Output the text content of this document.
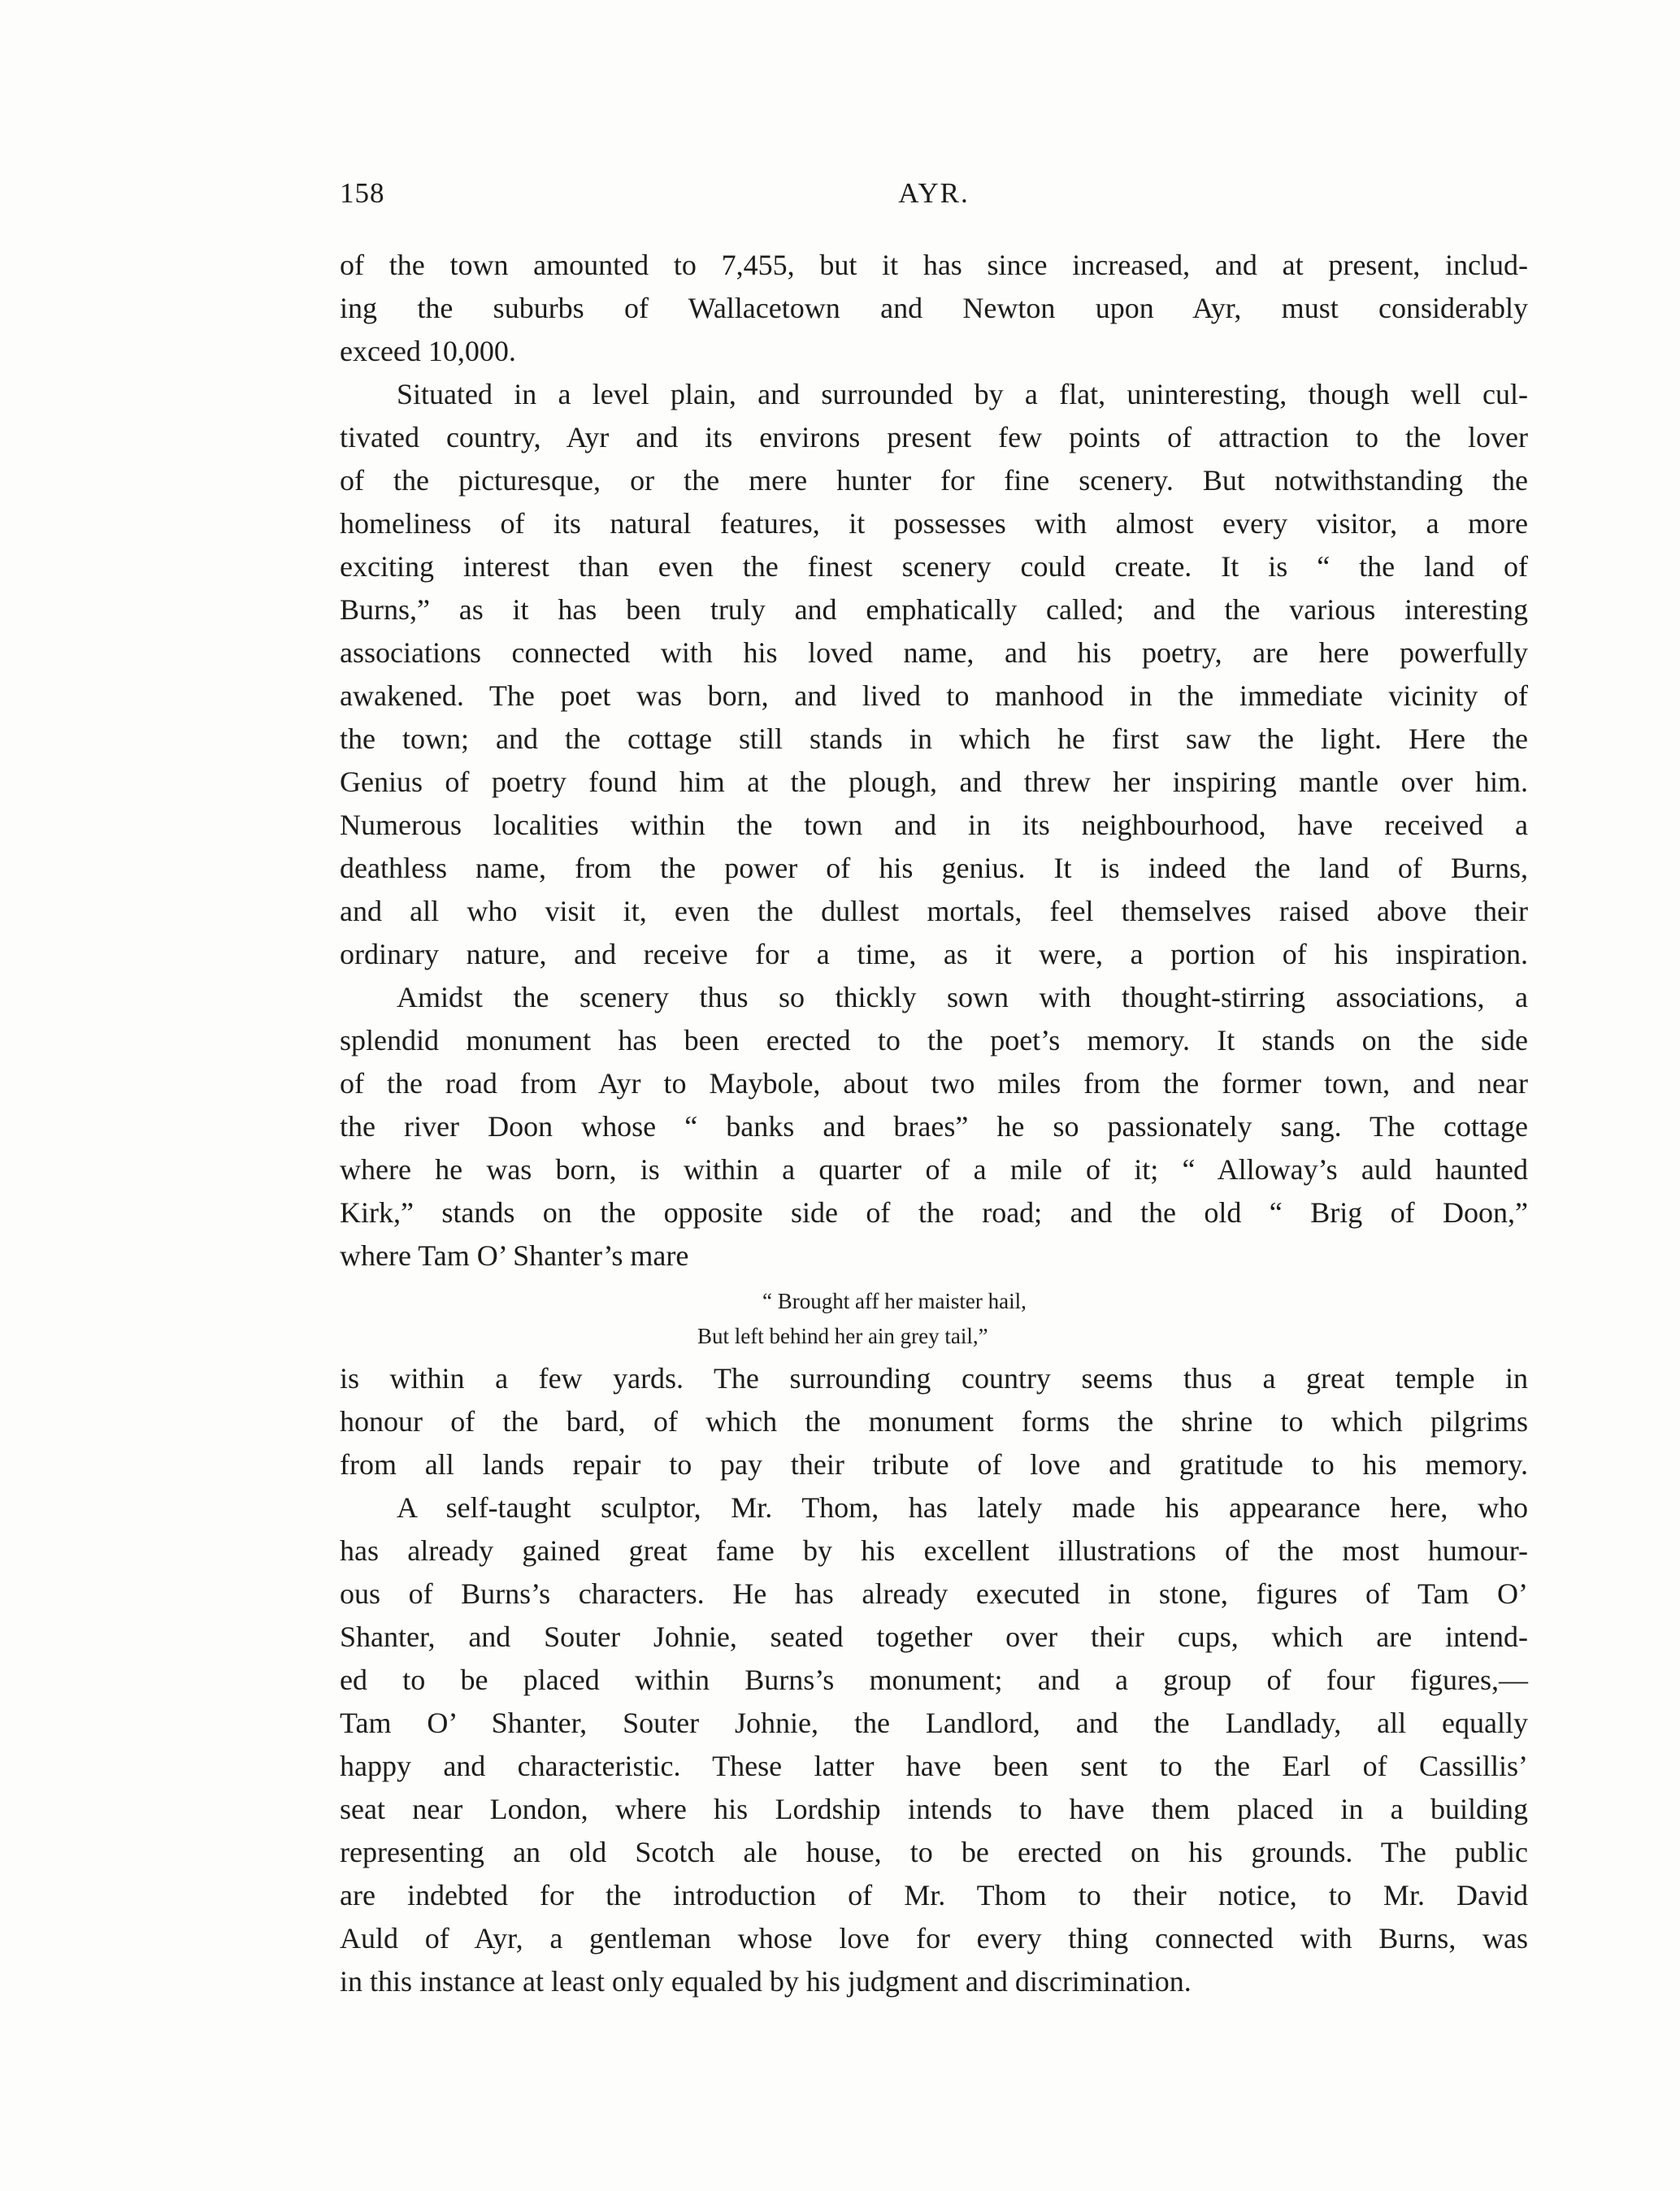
158	AYR.
of the town amounted to 7,455, but it has since increased, and at present, includ-
ing the suburbs of Wallacetown and Newton upon Ayr, must considerably
exceed 10,000.
Situated in a level plain, and surrounded by a flat, uninteresting, though well cul-
tivated country, Ayr and its environs present few points of attraction to the lover
of the picturesque, or the mere hunter for fine scenery. But notwithstanding the
homeliness of its natural features, it possesses with almost every visitor, a more
exciting interest than even the finest scenery could create. It is “ the land of
Burns,” as it has been truly and emphatically called; and the various interesting
associations connected with his loved name, and his poetry, are here powerfully
awakened. The poet was born, and lived to manhood in the immediate vicinity of
the town; and the cottage still stands in which he first saw the light. Here the
Genius of poetry found him at the plough, and threw her inspiring mantle over him.
Numerous localities within the town and in its neighbourhood, have received a
deathless name, from the power of his genius. It is indeed the land of Burns,
and all who visit it, even the dullest mortals, feel themselves raised above their
ordinary nature, and receive for a time, as it were, a portion of his inspiration.
Amidst the scenery thus so thickly sown with thought-stirring associations, a
splendid monument has been erected to the poet’s memory. It stands on the side
of the road from Ayr to Maybole, about two miles from the former town, and near
the river Doon whose “ banks and braes” he so passionately sang. The cottage
where he was born, is within a quarter of a mile of it; “ Alloway’s auld haunted
Kirk,” stands on the opposite side of the road; and the old “ Brig of Doon,”
where Tam O’ Shanter’s mare
“ Brought aff her maister hail,
But left behind her ain grey tail,”
is within a few yards. The surrounding country seems thus a great temple in
honour of the bard, of which the monument forms the shrine to which pilgrims
from all lands repair to pay their tribute of love and gratitude to his memory.
A self-taught sculptor, Mr. Thom, has lately made his appearance here, who
has already gained great fame by his excellent illustrations of the most humour-
ous of Burns’s characters. He has already executed in stone, figures of Tam O’
Shanter, and Souter Johnie, seated together over their cups, which are intend-
ed to be placed within Burns’s monument; and a group of four figures,—
Tam O’ Shanter, Souter Johnie, the Landlord, and the Landlady, all equally
happy and characteristic. These latter have been sent to the Earl of Cassillis’
seat near London, where his Lordship intends to have them placed in a building
representing an old Scotch ale house, to be erected on his grounds. The public
are indebted for the introduction of Mr. Thom to their notice, to Mr. David
Auld of Ayr, a gentleman whose love for every thing connected with Burns, was
in this instance at least only equaled by his judgment and discrimination.
